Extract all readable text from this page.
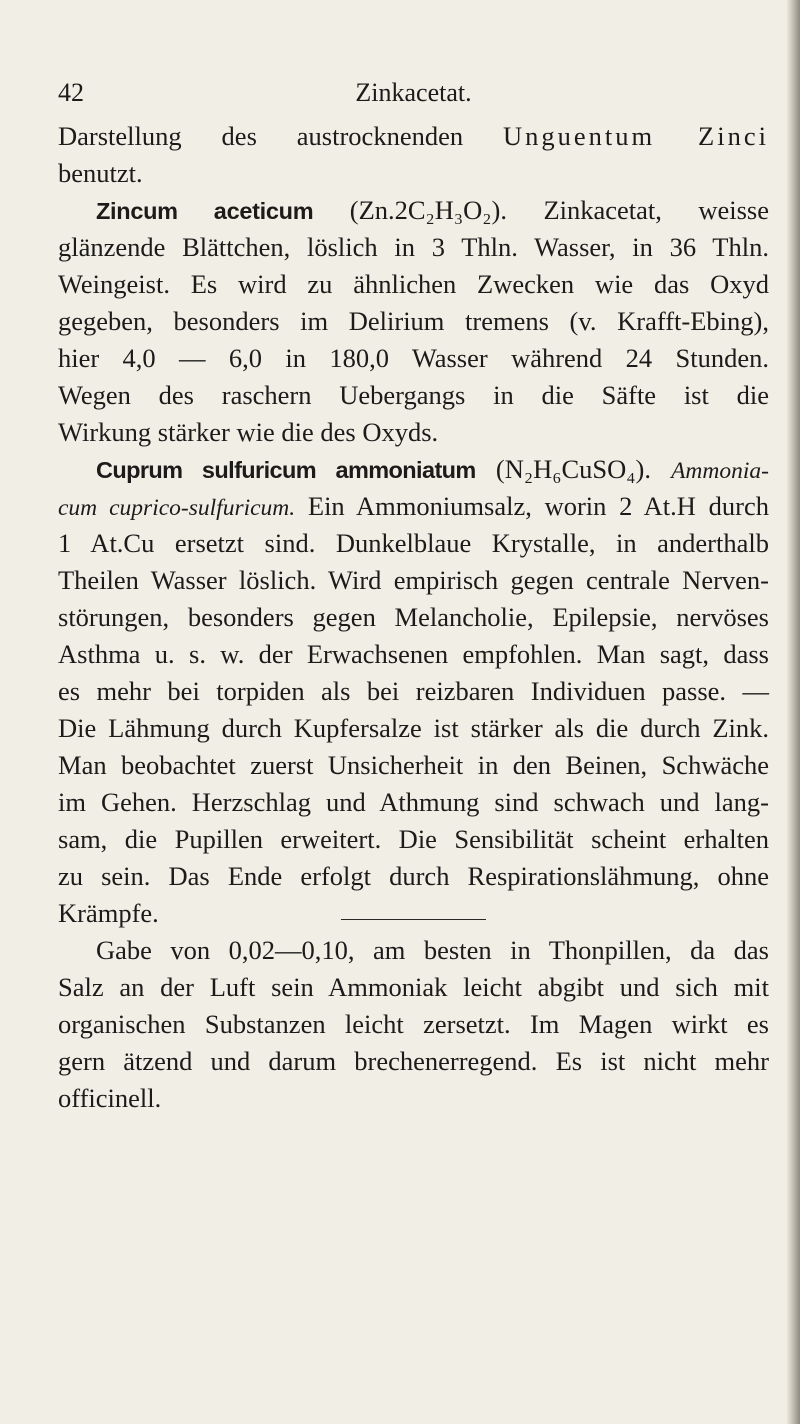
42	Zinkacetat.
Darstellung des austrocknenden Unguentum Zinci
benutzt.
Zincum aceticum (Zn.2C₂H₃O₂). Zinkacetat, weisse
glänzende Blättchen, löslich in 3 Thln. Wasser, in 36 Thln.
Weingeist. Es wird zu ähnlichen Zwecken wie das Oxyd
gegeben, besonders im Delirium tremens (v. Krafft-Ebing),
hier 4,0 — 6,0 in 180,0 Wasser während 24 Stunden.
Wegen des raschern Uebergangs in die Säfte ist die
Wirkung stärker wie die des Oxyds.
Cuprum sulfuricum ammoniatum (N₂H₆CuSO₄). Ammonia-
cum cuprico-sulfuricum. Ein Ammoniumsalz, worin 2 At.H durch
1 At.Cu ersetzt sind. Dunkelblaue Krystalle, in anderthalb
Theilen Wasser löslich. Wird empirisch gegen centrale Nerven-
störungen, besonders gegen Melancholie, Epilepsie, nervöses
Asthma u. s. w. der Erwachsenen empfohlen. Man sagt, dass
es mehr bei torpiden als bei reizbaren Individuen passe. —
Die Lähmung durch Kupfersalze ist stärker als die durch Zink.
Man beobachtet zuerst Unsicherheit in den Beinen, Schwäche
im Gehen. Herzschlag und Athmung sind schwach und lang-
sam, die Pupillen erweitert. Die Sensibilität scheint erhalten
zu sein. Das Ende erfolgt durch Respirationslähmung, ohne
Krämpfe.
Gabe von 0,02—0,10, am besten in Thonpillen, da das
Salz an der Luft sein Ammoniak leicht abgibt und sich mit
organischen Substanzen leicht zersetzt. Im Magen wirkt es
gern ätzend und darum brechenerregend. Es ist nicht mehr
officinell.
